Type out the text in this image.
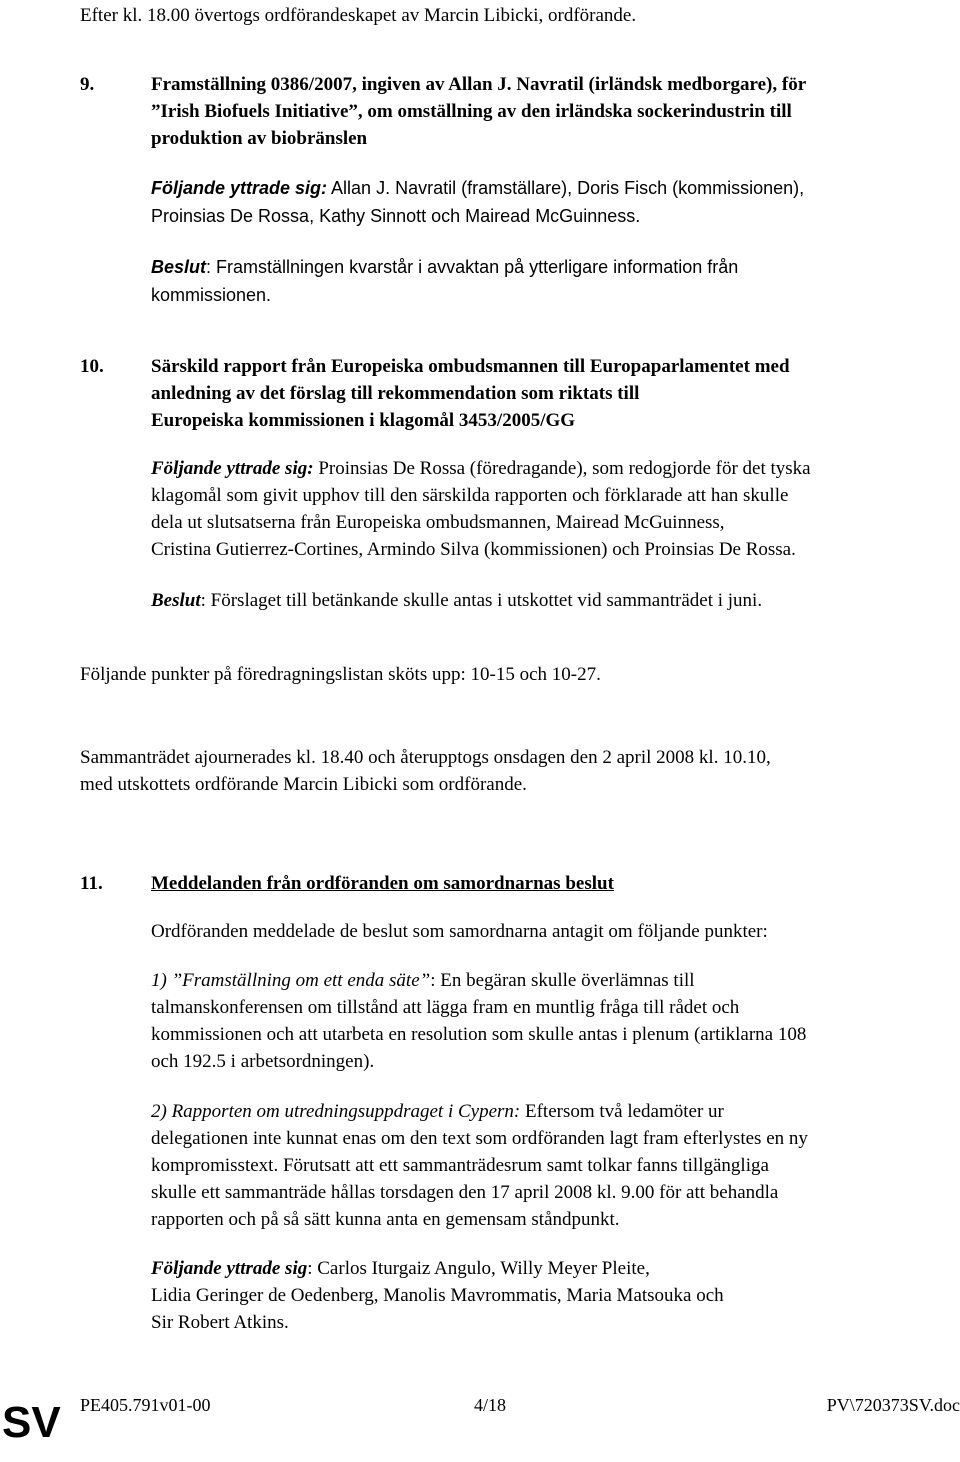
Efter kl. 18.00 övertogs ordförandeskapet av Marcin Libicki, ordförande.
9.	Framställning 0386/2007, ingiven av Allan J. Navratil (irländsk medborgare), för
”Irish Biofuels Initiative”, om omställning av den irländska sockerindustrin till
produktion av biobränslen
Följande yttrade sig: Allan J. Navratil (framställare), Doris Fisch (kommissionen),
Proinsias De Rossa, Kathy Sinnott och Mairead McGuinness.
Beslut: Framställningen kvarstår i avvaktan på ytterligare information från
kommissionen.
10. Särskild rapport från Europeiska ombudsmannen till Europaparlamentet med
anledning av det förslag till rekommendation som riktats till
Europeiska kommissionen i klagomål 3453/2005/GG
Följande yttrade sig: Proinsias De Rossa (föredragande), som redogjorde för det tyska
klagomål som givit upphov till den särskilda rapporten och förklarade att han skulle
dela ut slutsatserna från Europeiska ombudsmannen, Mairead McGuinness,
Cristina Gutierrez-Cortines, Armindo Silva (kommissionen) och Proinsias De Rossa.
Beslut: Förslaget till betänkande skulle antas i utskottet vid sammanträdet i juni.
Följande punkter på föredragningslistan sköts upp: 10-15 och 10-27.
Sammanträdet ajournerades kl. 18.40 och återupptogs onsdagen den 2 april 2008 kl. 10.10,
med utskottets ordförande Marcin Libicki som ordförande.
11.	Meddelanden från ordföranden om samordnarnas beslut
Ordföranden meddelade de beslut som samordnarna antagit om följande punkter:
1) ”Framställning om ett enda säte”: En begäran skulle överlämnas till
talmanskonferensen om tillstånd att lägga fram en muntlig fråga till rådet och
kommissionen och att utarbeta en resolution som skulle antas i plenum (artiklarna 108
och 192.5 i arbetsordningen).
2) Rapporten om utredningsuppdraget i Cypern: Eftersom två ledamöter ur
delegationen inte kunnat enas om den text som ordföranden lagt fram efterlystes en ny
kompromisstext. Förutsatt att ett sammanträdesrum samt tolkar fanns tillgängliga
skulle ett sammanträde hållas torsdagen den 17 april 2008 kl. 9.00 för att behandla
rapporten och på så sätt kunna anta en gemensam ståndpunkt.
Följande yttrade sig: Carlos Iturgaiz Angulo, Willy Meyer Pleite,
Lidia Geringer de Oedenberg, Manolis Mavrommatis, Maria Matsouka och
Sir Robert Atkins.
PE405.791v01-00	4/18	PV\720373SV.doc
SV
